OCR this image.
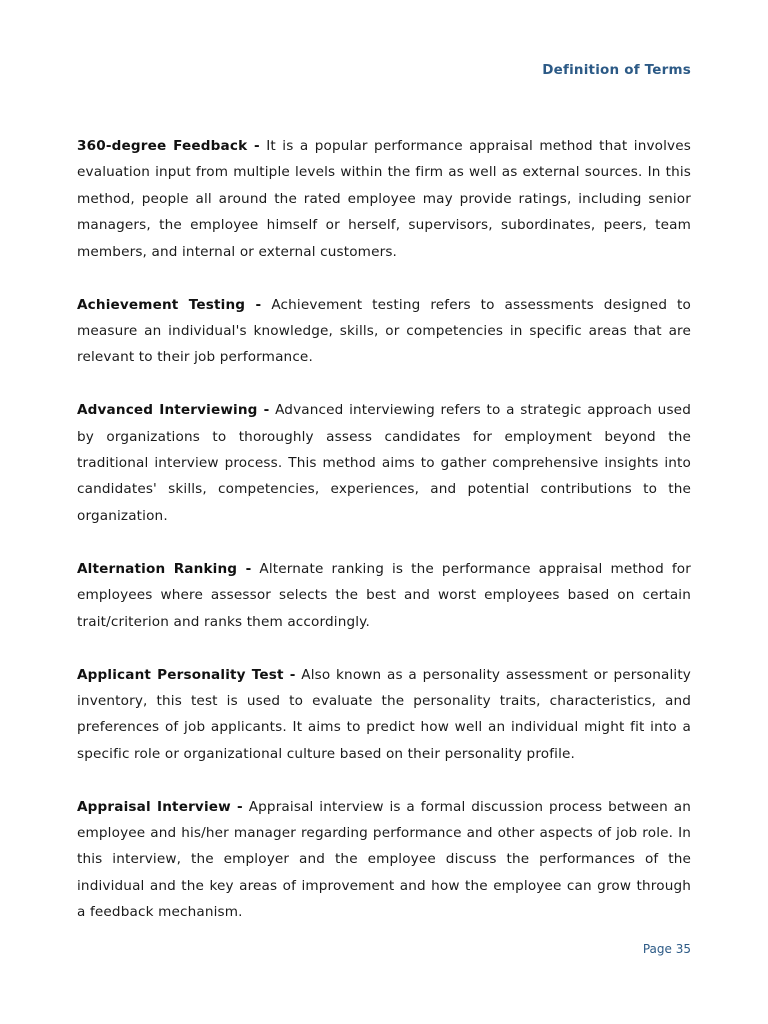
Definition of Terms

360-degree Feedback - It is a popular performance appraisal method that involves evaluation input from multiple levels within the firm as well as external sources. In this method, people all around the rated employee may provide ratings, including senior managers, the employee himself or herself, supervisors, subordinates, peers, team members, and internal or external customers.

Achievement Testing - Achievement testing refers to assessments designed to measure an individual's knowledge, skills, or competencies in specific areas that are relevant to their job performance.

Advanced Interviewing - Advanced interviewing refers to a strategic approach used by organizations to thoroughly assess candidates for employment beyond the traditional interview process. This method aims to gather comprehensive insights into candidates' skills, competencies, experiences, and potential contributions to the organization.

Alternation Ranking - Alternate ranking is the performance appraisal method for employees where assessor selects the best and worst employees based on certain trait/criterion and ranks them accordingly.

Applicant Personality Test - Also known as a personality assessment or personality inventory, this test is used to evaluate the personality traits, characteristics, and preferences of job applicants. It aims to predict how well an individual might fit into a specific role or organizational culture based on their personality profile.

Appraisal Interview - Appraisal interview is a formal discussion process between an employee and his/her manager regarding performance and other aspects of job role. In this interview, the employer and the employee discuss the performances of the individual and the key areas of improvement and how the employee can grow through a feedback mechanism.

Page 35
